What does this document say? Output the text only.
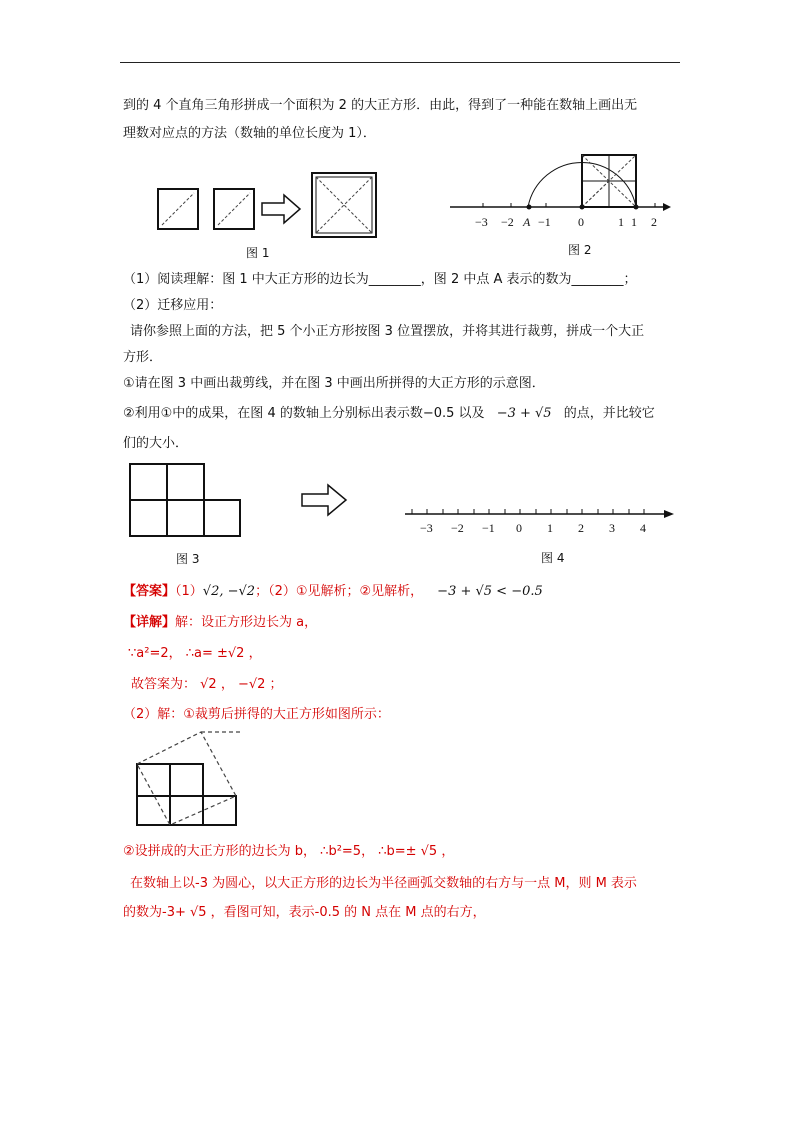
到的 4 个直角三角形拼成一个面积为 2 的大正方形．由此，得到了一种能在数轴上画出无
理数对应点的方法（数轴的单位长度为 1）．
图 1
−3 −2 A −1 0	1 2
1
图 2
（1）阅读理解：图 1 中大正方形的边长为________，图 2 中点 A 表示的数为________；
（2）迁移应用：
请你参照上面的方法，把 5 个小正方形按图 3 位置摆放，并将其进行裁剪，拼成一个大正
方形．
①请在图 3 中画出裁剪线，并在图 3 中画出所拼得的大正方形的示意图．
②利用①中的成果，在图 4 的数轴上分别标出表示数−0.5 以及 −3 + √5 的点，并比较它
们的大小．
图 3
−3 −2 −1 0 1 2 3 4
图 4
【答案】（1）√2, −√2；（2）①见解析；②见解析， −3 + √5 < −0.5
【详解】解：设正方形边长为 a，
∵a²=2， ∴a= ±√2 ，
故答案为： √2 ， −√2 ；
（2）解：①裁剪后拼得的大正方形如图所示：
②设拼成的大正方形的边长为 b， ∴b²=5， ∴b=± √5 ，
在数轴上以-3 为圆心，以大正方形的边长为半径画弧交数轴的右方与一点 M，则 M 表示
的数为-3+ √5 ，看图可知，表示-0.5 的 N 点在 M 点的右方，
